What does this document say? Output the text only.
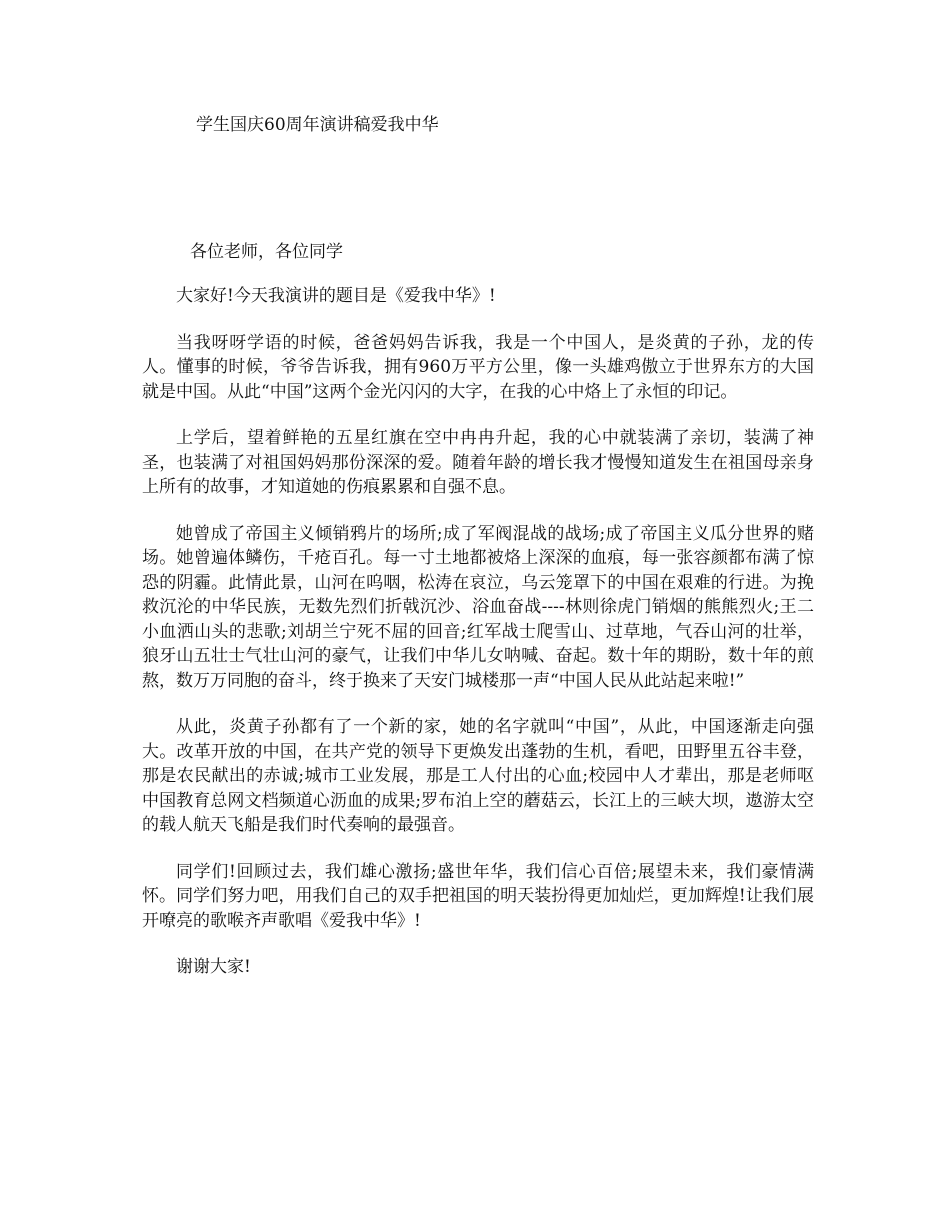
学生国庆60周年演讲稿爱我中华

各位老师，各位同学

大家好!今天我演讲的题目是《爱我中华》!

当我呀呀学语的时候，爸爸妈妈告诉我，我是一个中国人，是炎黄的子孙，龙的传人。懂事的时候，爷爷告诉我，拥有960万平方公里，像一头雄鸡傲立于世界东方的大国就是中国。从此“中国”这两个金光闪闪的大字，在我的心中烙上了永恒的印记。

上学后，望着鲜艳的五星红旗在空中冉冉升起，我的心中就装满了亲切，装满了神圣，也装满了对祖国妈妈那份深深的爱。随着年龄的增长我才慢慢知道发生在祖国母亲身上所有的故事，才知道她的伤痕累累和自强不息。

她曾成了帝国主义倾销鸦片的场所;成了军阀混战的战场;成了帝国主义瓜分世界的赌场。她曾遍体鳞伤，千疮百孔。每一寸土地都被烙上深深的血痕，每一张容颜都布满了惊恐的阴霾。此情此景，山河在呜咽，松涛在哀泣，乌云笼罩下的中国在艰难的行进。为挽救沉沦的中华民族，无数先烈们折戟沉沙、浴血奋战----林则徐虎门销烟的熊熊烈火;王二小血洒山头的悲歌;刘胡兰宁死不屈的回音;红军战士爬雪山、过草地，气吞山河的壮举，狼牙山五壮士气壮山河的豪气，让我们中华儿女呐喊、奋起。数十年的期盼，数十年的煎熬，数万万同胞的奋斗，终于换来了天安门城楼那一声“中国人民从此站起来啦!”

从此，炎黄子孙都有了一个新的家，她的名字就叫“中国”，从此，中国逐渐走向强大。改革开放的中国，在共产党的领导下更焕发出蓬勃的生机，看吧，田野里五谷丰登，那是农民献出的赤诚;城市工业发展，那是工人付出的心血;校园中人才辈出，那是老师呕中国教育总网文档频道心沥血的成果;罗布泊上空的蘑菇云，长江上的三峡大坝，遨游太空的载人航天飞船是我们时代奏响的最强音。

同学们!回顾过去，我们雄心激扬;盛世年华，我们信心百倍;展望未来，我们豪情满怀。同学们努力吧，用我们自己的双手把祖国的明天装扮得更加灿烂，更加辉煌!让我们展开嘹亮的歌喉齐声歌唱《爱我中华》!

谢谢大家!
